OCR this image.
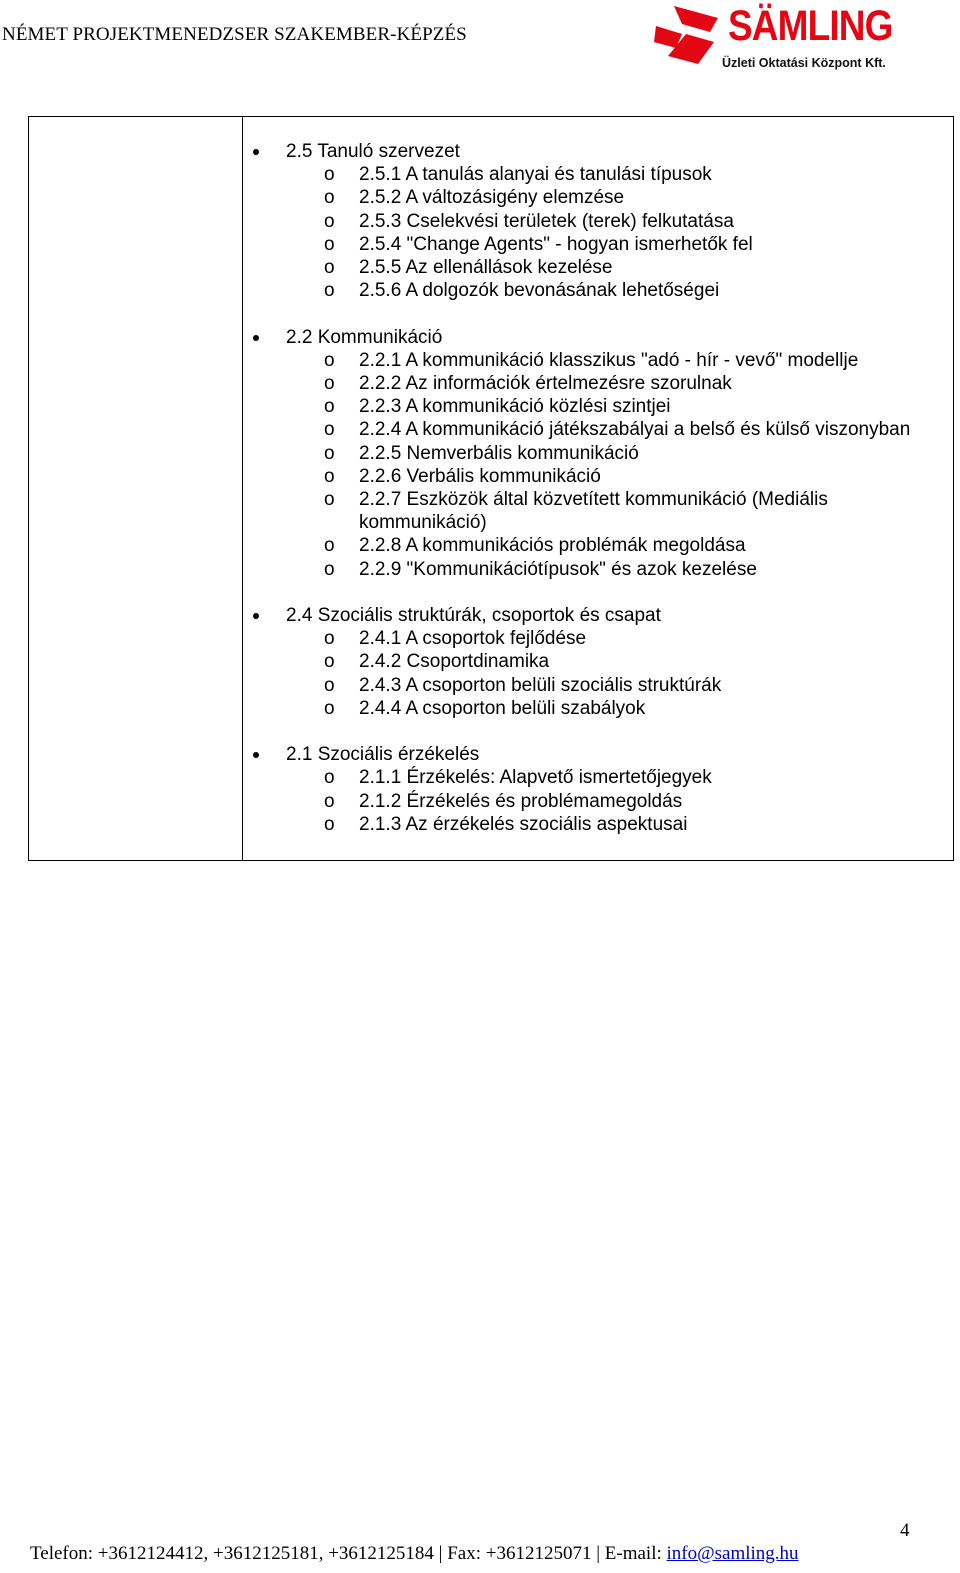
NÉMET PROJEKTMENEDZSER SZAKEMBER-KÉPZÉS	SÄMLING
Üzleti Oktatási Központ Kft.
2.5 Tanuló szervezet
o 2.5.1 A tanulás alanyai és tanulási típusok
o 2.5.2 A változásigény elemzése
o 2.5.3 Cselekvési területek (terek) felkutatása
o 2.5.4 "Change Agents" - hogyan ismerhetők fel
o 2.5.5 Az ellenállások kezelése
o 2.5.6 A dolgozók bevonásának lehetőségei
2.2 Kommunikáció
o 2.2.1 A kommunikáció klasszikus "adó - hír - vevő" modellje
o 2.2.2 Az információk értelmezésre szorulnak
o 2.2.3 A kommunikáció közlési szintjei
o 2.2.4 A kommunikáció játékszabályai a belső és külső viszonyban
o 2.2.5 Nemverbális kommunikáció
o 2.2.6 Verbális kommunikáció
o 2.2.7 Eszközök által közvetített kommunikáció (Mediális kommunikáció)
o 2.2.8 A kommunikációs problémák megoldása
o 2.2.9 "Kommunikációtípusok" és azok kezelése
2.4 Szociális struktúrák, csoportok és csapat
o 2.4.1 A csoportok fejlődése
o 2.4.2 Csoportdinamika
o 2.4.3 A csoporton belüli szociális struktúrák
o 2.4.4 A csoporton belüli szabályok
2.1 Szociális érzékelés
o 2.1.1 Érzékelés: Alapvető ismertetőjegyek
o 2.1.2 Érzékelés és problémamegoldás
o 2.1.3 Az érzékelés szociális aspektusai
4
Telefon: +3612124412, +3612125181, +3612125184 | Fax: +3612125071 | E-mail: info@samling.hu
